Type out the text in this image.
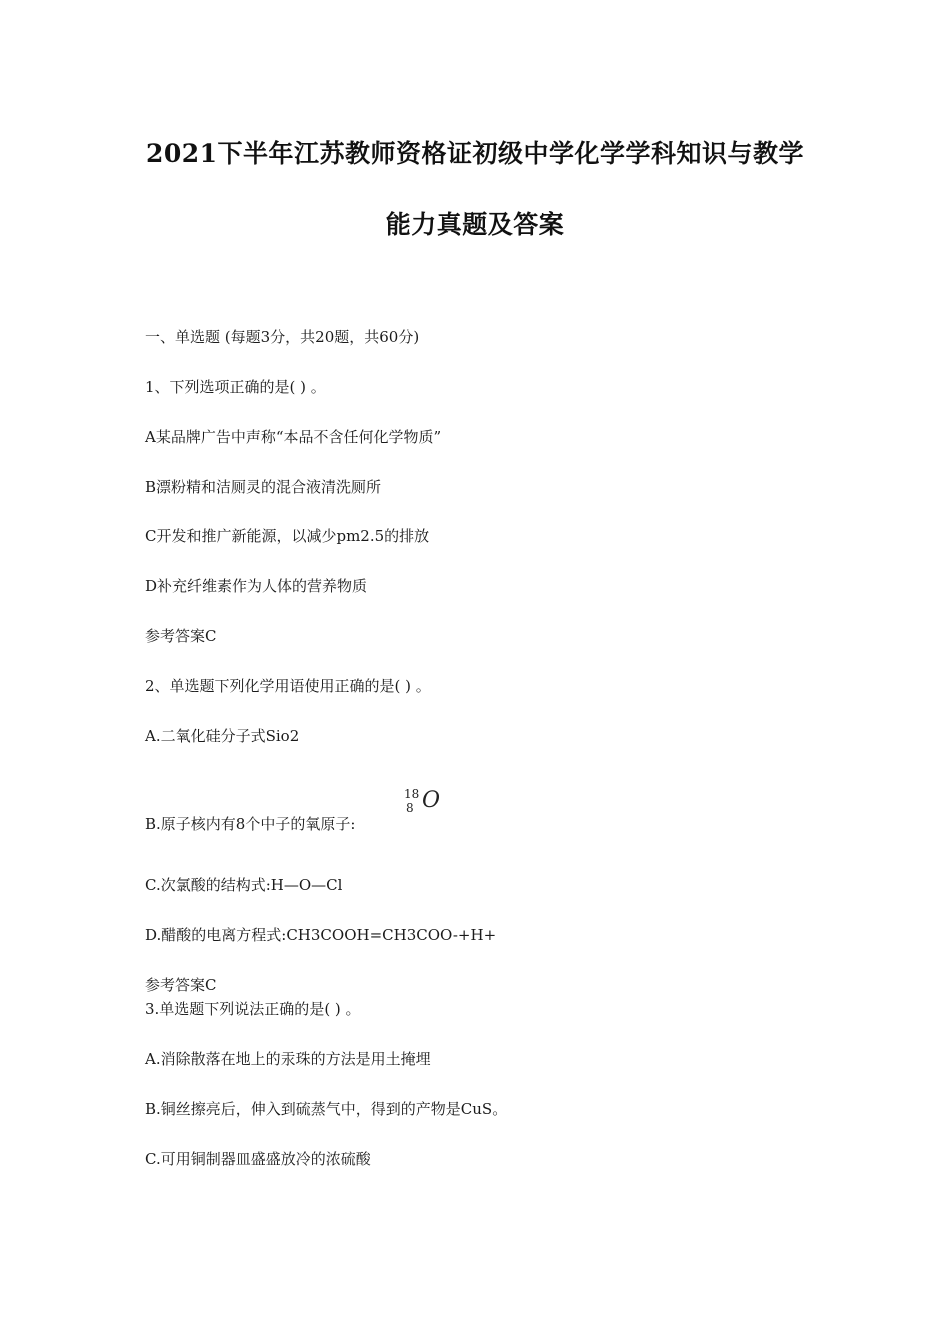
2021下半年江苏教师资格证初级中学化学学科知识与教学
能力真题及答案
一、单选题 (每题3分，共20题，共60分)
1、下列选项正确的是( ) 。
A某品牌广告中声称“本品不含任何化学物质”
B漂粉精和洁厕灵的混合液清洗厕所
C开发和推广新能源，以减少pm2.5的排放
D补充纤维素作为人体的营养物质
参考答案C
2、单选题下列化学用语使用正确的是( ) 。
A.二氧化硅分子式Sio2
B.原子核内有8个中子的氧原子:
18
8 O
C.次氯酸的结构式:H—O—Cl
D.醋酸的电离方程式:CH3COOH=CH3COO-+H+
参考答案C
3.单选题下列说法正确的是( ) 。
A.消除散落在地上的汞珠的方法是用土掩埋
B.铜丝擦亮后，伸入到硫蒸气中，得到的产物是CuS。
C.可用铜制器皿盛盛放冷的浓硫酸
